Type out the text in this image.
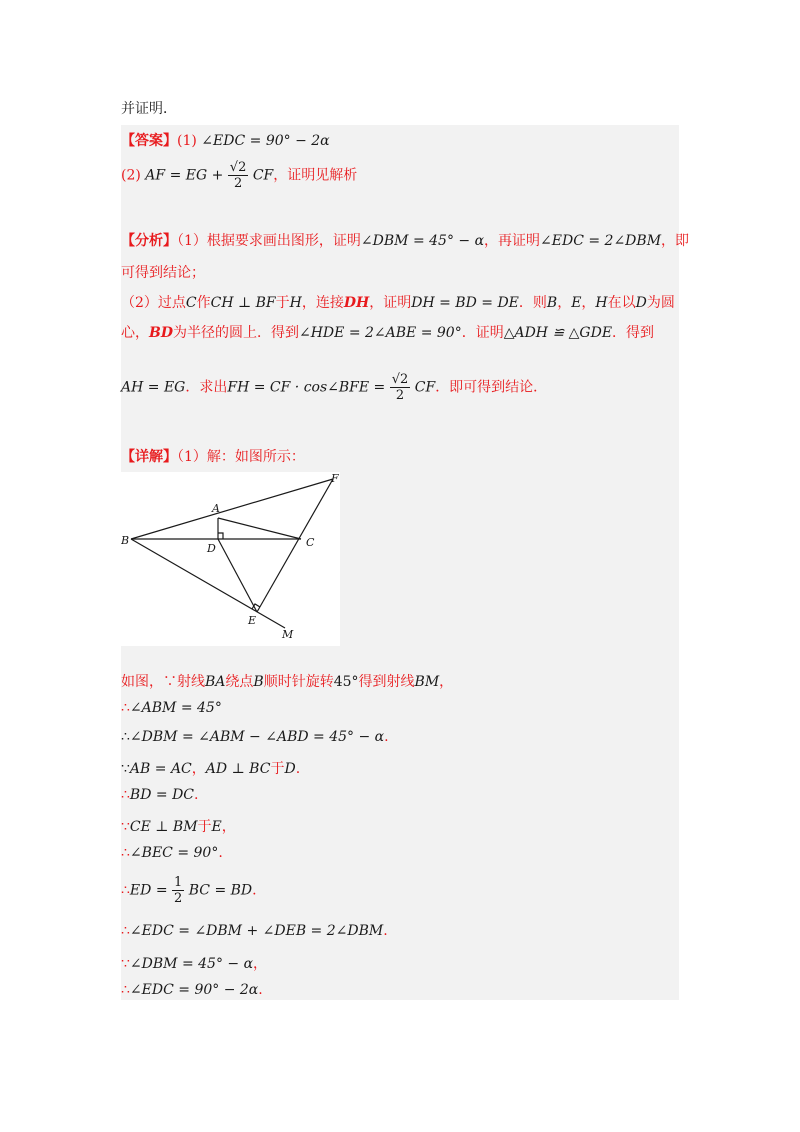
并证明．
【答案】(1) ∠EDC = 90° − 2α
(2) AF = EG + $\frac{√2}{2}$ CF，证明见解析
【分析】（1）根据要求画出图形，证明∠DBM = 45° − α，再证明∠EDC = 2∠DBM，即
可得到结论；
（2）过点C作CH ⊥ BF于H，连接DH，证明DH = BD = DE．则B，E，H在以D为圆
心，BD为半径的圆上．得到∠HDE = 2∠ABE = 90°．证明△ADH ≌ △GDE．得到
AH = EG．求出FH = CF · cos∠BFE = $\frac{√2}{2}$ CF．即可得到结论．
【详解】（1）解：如图所示：
A
B	C
D
E
F
M
如图，∵射线BA绕点B顺时针旋转45°得到射线BM，
∴∠ABM = 45°
∴∠DBM = ∠ABM − ∠ABD = 45° − α.
∵AB = AC，AD ⊥ BC于D.
∴BD = DC.
∵CE ⊥ BM于E，
∴∠BEC = 90°.
∴ED = $\frac{1}{2}$ BC = BD.
∴∠EDC = ∠DBM + ∠DEB = 2∠DBM.
∵∠DBM = 45° − α，
∴∠EDC = 90° − 2α.
